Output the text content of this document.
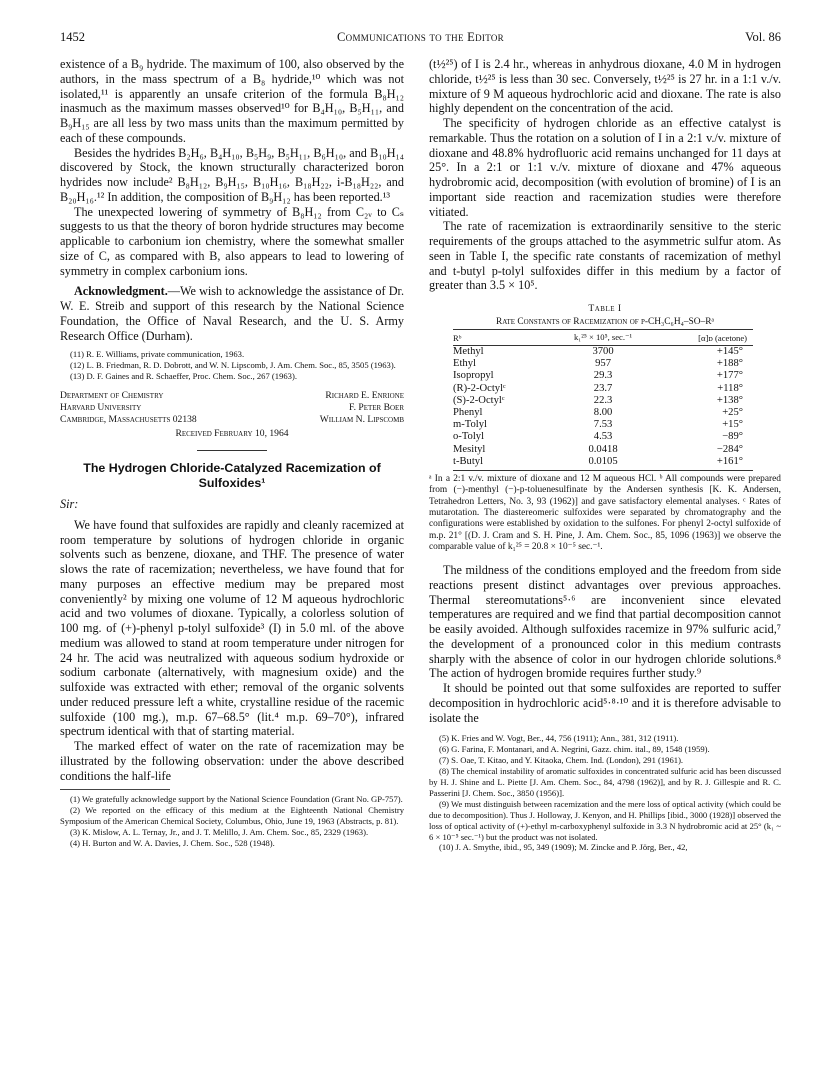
1452	Communications to the Editor	Vol. 86

existence of a B₉ hydride. The maximum of 100, also observed by the authors, in the mass spectrum of a B₈ hydride,¹⁰ which was not isolated,¹¹ is apparently an unsafe criterion of the formula B₈H₁₂ inasmuch as the maximum masses observed¹⁰ for B₄H₁₀, B₅H₁₁, and B₉H₁₅ are all less by two mass units than the maximum permitted by each of these compounds.

Besides the hydrides B₂H₆, B₄H₁₀, B₅H₉, B₅H₁₁, B₆H₁₀, and B₁₀H₁₄ discovered by Stock, the known structurally characterized boron hydrides now include² B₈H₁₂, B₉H₁₅, B₁₀H₁₆, B₁₈H₂₂, i-B₁₈H₂₂, and B₂₀H₁₆.¹² In addition, the composition of B₉H₁₂ has been reported.¹³

The unexpected lowering of symmetry of B₈H₁₂ from C₂ᵥ to Cₛ suggests to us that the theory of boron hydride structures may become applicable to carbonium ion chemistry, where the somewhat smaller size of C, as compared with B, also appears to lead to lowering of symmetry in complex carbonium ions.

Acknowledgment.—We wish to acknowledge the assistance of Dr. W. E. Streib and support of this research by the National Science Foundation, the Office of Naval Research, and the U. S. Army Research Office (Durham).

(11) R. E. Williams, private communication, 1963.

(12) L. B. Friedman, R. D. Dobrott, and W. N. Lipscomb, J. Am. Chem. Soc., 85, 3505 (1963).

(13) D. F. Gaines and R. Schaeffer, Proc. Chem. Soc., 267 (1963).

Department of Chemistry	Richard E. Enrione
Harvard University	F. Peter Boer
Cambridge, Massachusetts 02138	William N. Lipscomb
Received February 10, 1964
The Hydrogen Chloride-Catalyzed Racemization of Sulfoxides¹
Sir:

We have found that sulfoxides are rapidly and cleanly racemized at room temperature by solutions of hydrogen chloride in organic solvents such as benzene, dioxane, and THF. The presence of water slows the rate of racemization; nevertheless, we have found that for many purposes an effective medium may be prepared most conveniently² by mixing one volume of 12 M aqueous hydrochloric acid and two volumes of dioxane. Typically, a colorless solution of 100 mg. of (+)-phenyl p-tolyl sulfoxide³ (I) in 5.0 ml. of the above medium was allowed to stand at room temperature under nitrogen for 24 hr. The acid was neutralized with aqueous sodium hydroxide or sodium carbonate (alternatively, with magnesium oxide) and the sulfoxide was extracted with ether; removal of the organic solvents under reduced pressure left a white, crystalline residue of the racemic sulfoxide (100 mg.), m.p. 67–68.5° (lit.⁴ m.p. 69–70°), infrared spectrum identical with that of starting material.

The marked effect of water on the rate of racemization may be illustrated by the following observation: under the above described conditions the half-life

(1) We gratefully acknowledge support by the National Science Foundation (Grant No. GP-757).

(2) We reported on the efficacy of this medium at the Eighteenth National Chemistry Symposium of the American Chemical Society, Columbus, Ohio, June 19, 1963 (Abstracts, p. 81).

(3) K. Mislow, A. L. Ternay, Jr., and J. T. Melillo, J. Am. Chem. Soc., 85, 2329 (1963).

(4) H. Burton and W. A. Davies, J. Chem. Soc., 528 (1948).

(t½²⁵) of I is 2.4 hr., whereas in anhydrous dioxane, 4.0 M in hydrogen chloride, t½²⁵ is less than 30 sec. Conversely, t½²⁵ is 27 hr. in a 1:1 v./v. mixture of 9 M aqueous hydrochloric acid and dioxane. The rate is also highly dependent on the concentration of the acid.

The specificity of hydrogen chloride as an effective catalyst is remarkable. Thus the rotation on a solution of I in a 2:1 v./v. mixture of dioxane and 48.8% hydrofluoric acid remains unchanged for 11 days at 25°. In a 2:1 or 1:1 v./v. mixture of dioxane and 47% aqueous hydrobromic acid, decomposition (with evolution of bromine) of I is an important side reaction and racemization studies were therefore vitiated.

The rate of racemization is extraordinarily sensitive to the steric requirements of the groups attached to the asymmetric sulfur atom. As seen in Table I, the specific rate constants of racemization of methyl and t-butyl p-tolyl sulfoxides differ in this medium by a factor of greater than 3.5 × 10⁵.

Table I
Rate Constants of Racemization of p-CH₃C₆H₄–SO–Rᵃ
Rᵇ	k₁²⁵ × 10⁵, sec.⁻¹	[α]ᴅ (acetone)
Methyl	3700	+145°
Ethyl	957	+188°
Isopropyl	29.3	+177°
(R)-2-Octylᶜ	23.7	+118°
(S)-2-Octylᶜ	22.3	+138°
Phenyl	8.00	+25°
m-Tolyl	7.53	+15°
o-Tolyl	4.53	−89°
Mesityl	0.0418	−284°
t-Butyl	0.0105	+161°

ᵃ In a 2:1 v./v. mixture of dioxane and 12 M aqueous HCl. ᵇ All compounds were prepared from (−)-menthyl (−)-p-toluenesulfinate by the Andersen synthesis [K. K. Andersen, Tetrahedron Letters, No. 3, 93 (1962)] and gave satisfactory elemental analyses. ᶜ Rates of mutarotation. The diastereomeric sulfoxides were separated by chromatography and the configurations were established by oxidation to the sulfones. For phenyl 2-octyl sulfoxide of m.p. 21° [(D. J. Cram and S. H. Pine, J. Am. Chem. Soc., 85, 1096 (1963)] we observe the comparable value of k₁²⁵ = 20.8 × 10⁻⁵ sec.⁻¹.

The mildness of the conditions employed and the freedom from side reactions present distinct advantages over previous approaches. Thermal stereomutations⁵·⁶ are inconvenient since elevated temperatures are required and we find that partial decomposition cannot be easily avoided. Although sulfoxides racemize in 97% sulfuric acid,⁷ the development of a pronounced color in this medium contrasts sharply with the absence of color in our hydrogen chloride solutions.⁸ The action of hydrogen bromide requires further study.⁹

It should be pointed out that some sulfoxides are reported to suffer decomposition in hydrochloric acid⁵·⁸·¹⁰ and it is therefore advisable to isolate the

(5) K. Fries and W. Vogt, Ber., 44, 756 (1911); Ann., 381, 312 (1911).

(6) G. Farina, F. Montanari, and A. Negrini, Gazz. chim. ital., 89, 1548 (1959).

(7) S. Oae, T. Kitao, and Y. Kitaoka, Chem. Ind. (London), 291 (1961).

(8) The chemical instability of aromatic sulfoxides in concentrated sulfuric acid has been discussed by H. J. Shine and L. Piette [J. Am. Chem. Soc., 84, 4798 (1962)], and by R. J. Gillespie and R. C. Passerini [J. Chem. Soc., 3850 (1956)].

(9) We must distinguish between racemization and the mere loss of optical activity (which could be due to decomposition). Thus J. Holloway, J. Kenyon, and H. Phillips [ibid., 3000 (1928)] observed the loss of optical activity of (+)-ethyl m-carboxyphenyl sulfoxide in 3.3 N hydrobromic acid at 25° (k₁ ~ 6 × 10⁻⁵ sec.⁻¹) but the product was not isolated.

(10) J. A. Smythe, ibid., 95, 349 (1909); M. Zincke and P. Jörg, Ber., 42,
